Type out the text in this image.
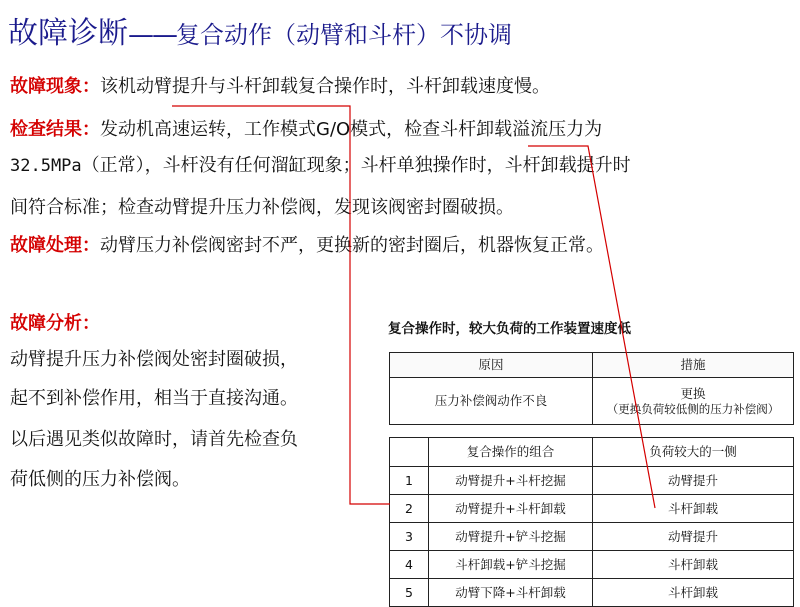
故障诊断——复合动作（动臂和斗杆）不协调

故障现象：该机动臂提升与斗杆卸载复合操作时，斗杆卸载速度慢。

检查结果：发动机高速运转，工作模式G/O模式，检查斗杆卸载溢流压力为

32.5MPa（正常），斗杆没有任何溜缸现象；斗杆单独操作时，斗杆卸载提升时

间符合标准；检查动臂提升压力补偿阀，发现该阀密封圈破损。

故障处理：动臂压力补偿阀密封不严，更换新的密封圈后，机器恢复正常。

故障分析：

动臂提升压力补偿阀处密封圈破损，

起不到补偿作用，相当于直接沟通。

以后遇见类似故障时，请首先检查负

荷低侧的压力补偿阀。

复合操作时，较大负荷的工作装置速度低
原因	措施
压力补偿阀动作不良	更换
（更换负荷较低侧的压力补偿阀）
	复合操作的组合	负荷较大的一侧
1	动臂提升+斗杆挖掘	动臂提升
2	动臂提升+斗杆卸载	斗杆卸载
3	动臂提升+铲斗挖掘	动臂提升
4	斗杆卸载+铲斗挖掘	斗杆卸载
5	动臂下降+斗杆卸载	斗杆卸载
